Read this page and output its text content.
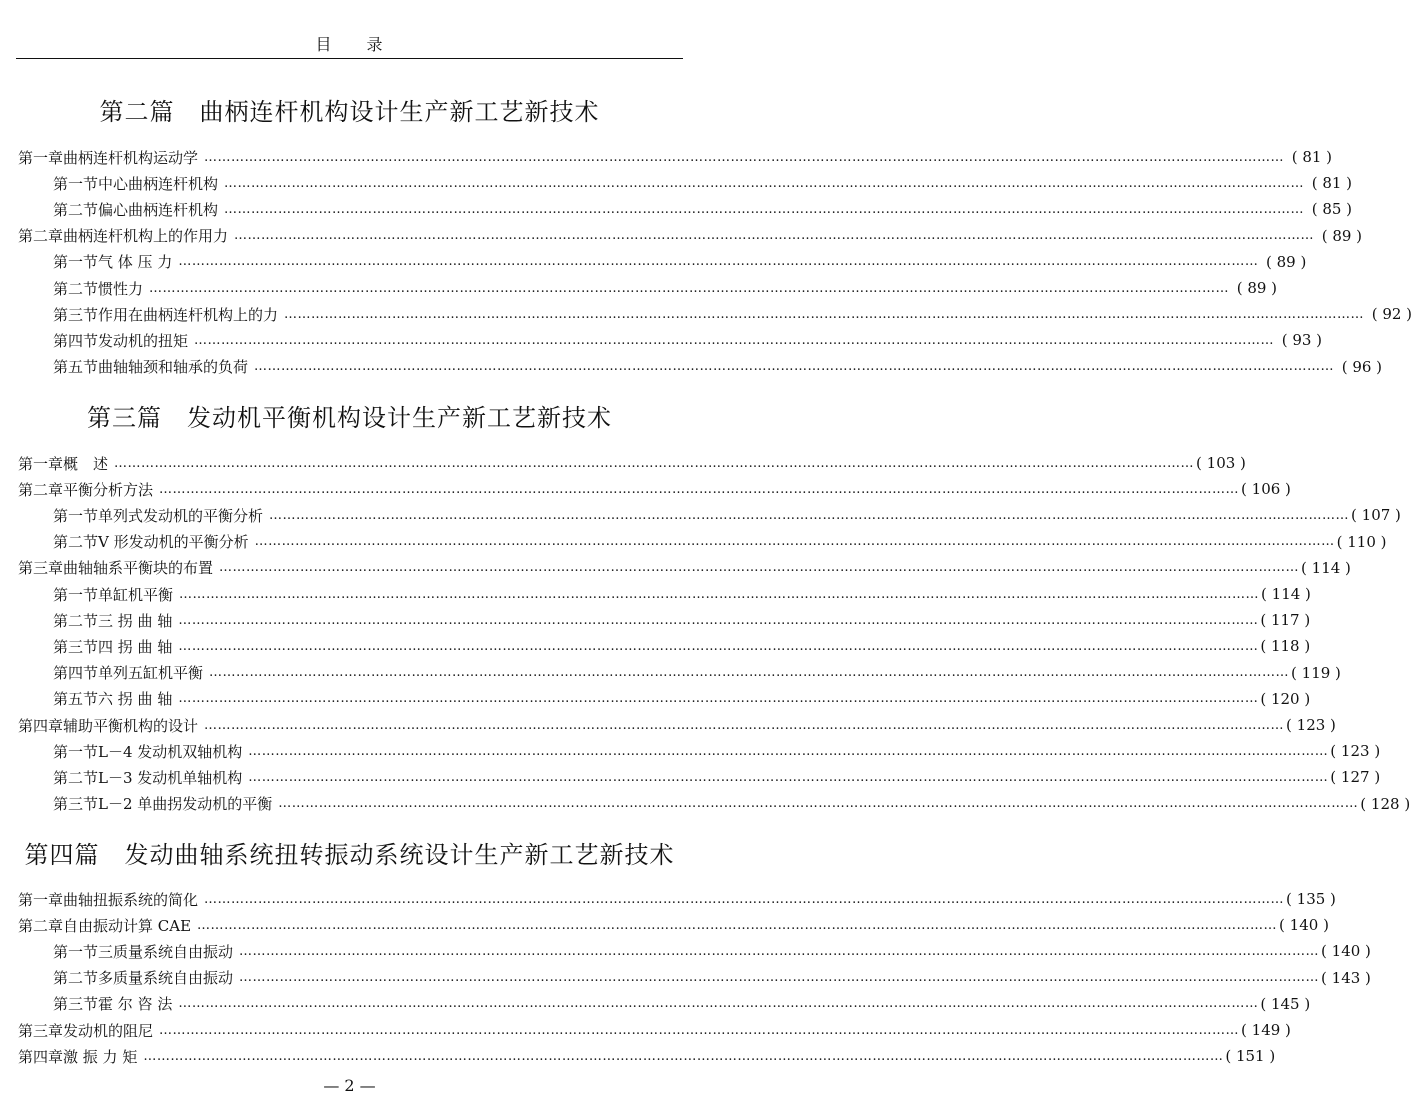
目　　录
第二篇　曲柄连杆机构设计生产新工艺新技术
第一章 曲柄连杆机构运动学 …………………………………………………………………………………………………………………………………………………………………………………………………………………… ( 81 )
第一节 中心曲柄连杆机构 …………………………………………………………………………………………………………………………………………………………………………………………………………………… ( 81 )
第二节 偏心曲柄连杆机构 …………………………………………………………………………………………………………………………………………………………………………………………………………………… ( 85 )
第二章 曲柄连杆机构上的作用力 …………………………………………………………………………………………………………………………………………………………………………………………………………………… ( 89 )
第一节 气 体 压 力 …………………………………………………………………………………………………………………………………………………………………………………………………………………… ( 89 )
第二节 惯性力 …………………………………………………………………………………………………………………………………………………………………………………………………………………… ( 89 )
第三节 作用在曲柄连杆机构上的力 …………………………………………………………………………………………………………………………………………………………………………………………………………………… ( 92 )
第四节 发动机的扭矩 …………………………………………………………………………………………………………………………………………………………………………………………………………………… ( 93 )
第五节 曲轴轴颈和轴承的负荷 …………………………………………………………………………………………………………………………………………………………………………………………………………………… ( 96 )
第三篇　发动机平衡机构设计生产新工艺新技术
第一章 概　述 …………………………………………………………………………………………………………………………………………………………………………………………………………………… ( 103 )
第二章 平衡分析方法 …………………………………………………………………………………………………………………………………………………………………………………………………………………… ( 106 )
第一节 单列式发动机的平衡分析 …………………………………………………………………………………………………………………………………………………………………………………………………………………… ( 107 )
第二节 V 形发动机的平衡分析 …………………………………………………………………………………………………………………………………………………………………………………………………………………… ( 110 )
第三章 曲轴轴系平衡块的布置 …………………………………………………………………………………………………………………………………………………………………………………………………………………… ( 114 )
第一节 单缸机平衡 …………………………………………………………………………………………………………………………………………………………………………………………………………………… ( 114 )
第二节 三 拐 曲 轴 …………………………………………………………………………………………………………………………………………………………………………………………………………………… ( 117 )
第三节 四 拐 曲 轴 …………………………………………………………………………………………………………………………………………………………………………………………………………………… ( 118 )
第四节 单列五缸机平衡 …………………………………………………………………………………………………………………………………………………………………………………………………………………… ( 119 )
第五节 六 拐 曲 轴 …………………………………………………………………………………………………………………………………………………………………………………………………………………… ( 120 )
第四章 辅助平衡机构的设计 …………………………………………………………………………………………………………………………………………………………………………………………………………………… ( 123 )
第一节 L－4 发动机双轴机构 …………………………………………………………………………………………………………………………………………………………………………………………………………………… ( 123 )
第二节 L－3 发动机单轴机构 …………………………………………………………………………………………………………………………………………………………………………………………………………………… ( 127 )
第三节 L－2 单曲拐发动机的平衡 …………………………………………………………………………………………………………………………………………………………………………………………………………………… ( 128 )
第四篇　发动曲轴系统扭转振动系统设计生产新工艺新技术
第一章 曲轴扭振系统的简化 …………………………………………………………………………………………………………………………………………………………………………………………………………………… ( 135 )
第二章 自由振动计算 CAE …………………………………………………………………………………………………………………………………………………………………………………………………………………… ( 140 )
第一节 三质量系统自由振动 …………………………………………………………………………………………………………………………………………………………………………………………………………………… ( 140 )
第二节 多质量系统自由振动 …………………………………………………………………………………………………………………………………………………………………………………………………………………… ( 143 )
第三节 霍 尔 咨 法 …………………………………………………………………………………………………………………………………………………………………………………………………………………… ( 145 )
第三章 发动机的阻尼 …………………………………………………………………………………………………………………………………………………………………………………………………………………… ( 149 )
第四章 激 振 力 矩 …………………………………………………………………………………………………………………………………………………………………………………………………………………… ( 151 )
— 2 —
